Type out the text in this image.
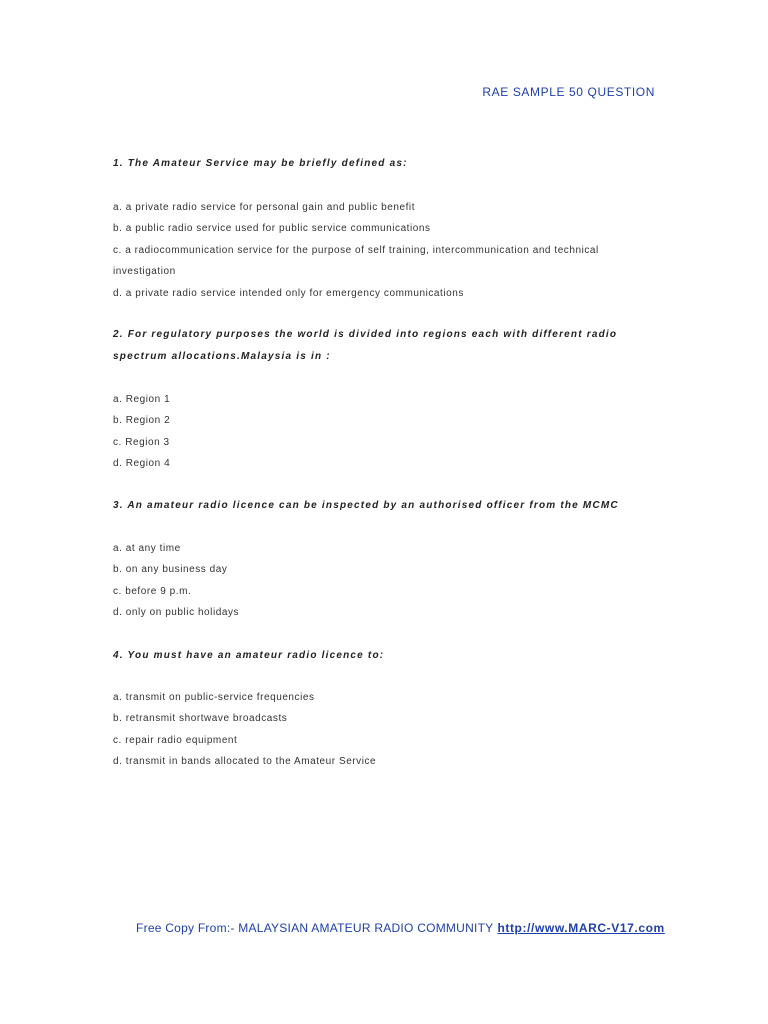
RAE SAMPLE 50 QUESTION
1. The Amateur Service may be briefly defined as:
a. a private radio service for personal gain and public benefit
b. a public radio service used for public service communications
c. a radiocommunication service for the purpose of self training, intercommunication and technical investigation
d. a private radio service intended only for emergency communications
2. For regulatory purposes the world is divided into regions each with different radio spectrum allocations.Malaysia is in :
a. Region 1
b. Region 2
c. Region 3
d. Region 4
3. An amateur radio licence can be inspected by an authorised officer from the MCMC
a. at any time
b. on any business day
c. before 9 p.m.
d. only on public holidays
4. You must have an amateur radio licence to:
a. transmit on public-service frequencies
b. retransmit shortwave broadcasts
c. repair radio equipment
d. transmit in bands allocated to the Amateur Service
Free Copy From:- MALAYSIAN AMATEUR RADIO COMMUNITY http://www.MARC-V17.com
